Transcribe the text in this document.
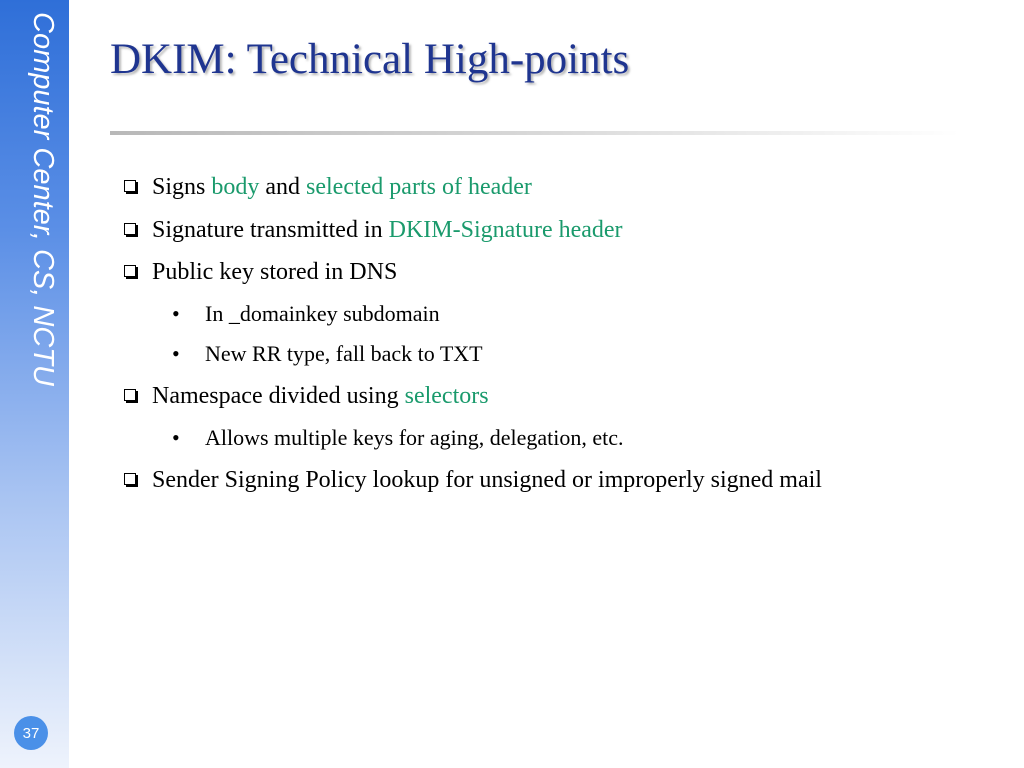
Computer Center, CS, NCTU
37
DKIM: Technical High-points
Signs body and selected parts of header
Signature transmitted in DKIM-Signature header
Public key stored in DNS
• In _domainkey subdomain
• New RR type, fall back to TXT
Namespace divided using selectors
• Allows multiple keys for aging, delegation, etc.
Sender Signing Policy lookup for unsigned or improperly signed mail
